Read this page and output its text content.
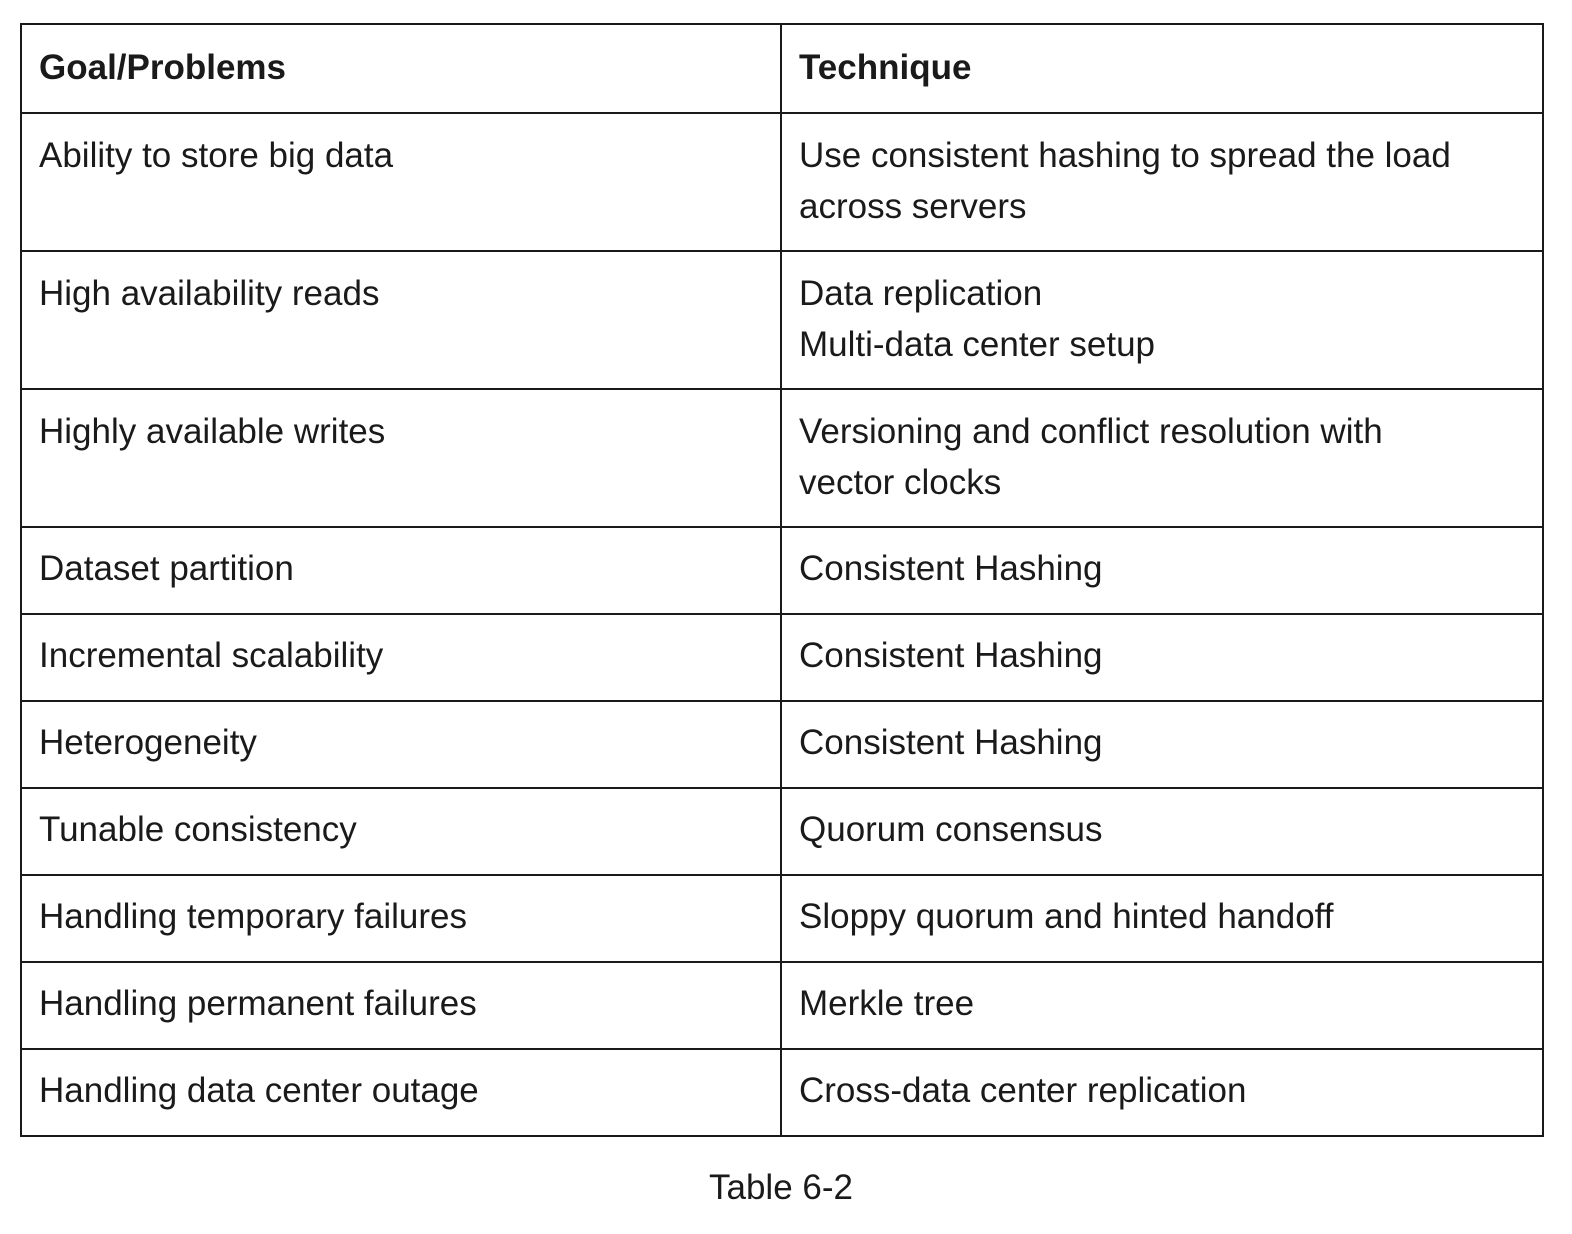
Goal/Problems	Technique
Ability to store big data	Use consistent hashing to spread the load
across servers

High availability reads	Data replication
Multi-data center setup

Highly available writes	Versioning and conflict resolution with
vector clocks

Dataset partition	Consistent Hashing

Incremental scalability	Consistent Hashing

Heterogeneity	Consistent Hashing

Tunable consistency	Quorum consensus

Handling temporary failures	Sloppy quorum and hinted handoff

Handling permanent failures	Merkle tree

Handling data center outage	Cross-data center replication
Table 6-2
